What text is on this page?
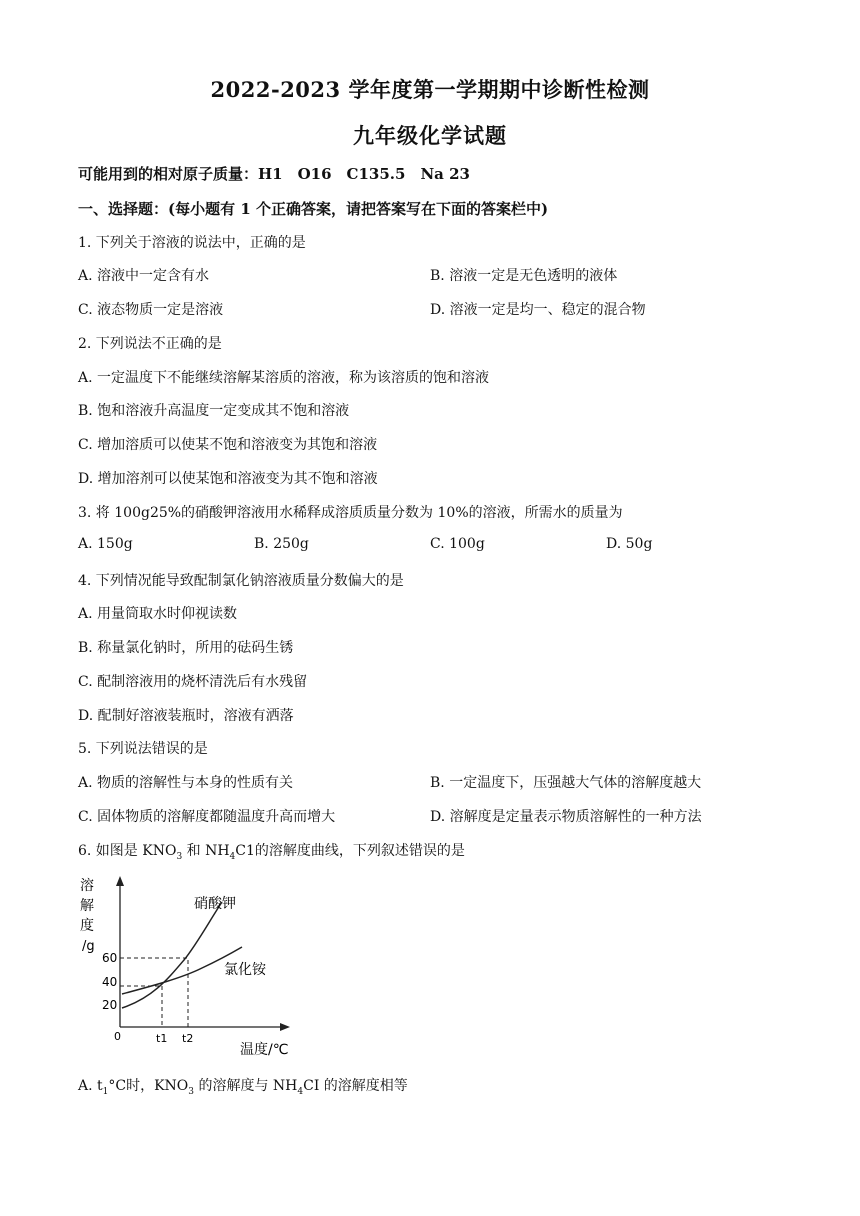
2022-2023 学年度第一学期期中诊断性检测
九年级化学试题
可能用到的相对原子质量：H1　O16　C135.5　Na 23
一、选择题：(每小题有 1 个正确答案，请把答案写在下面的答案栏中)
1. 下列关于溶液的说法中，正确的是
A. 溶液中一定含有水	B. 溶液一定是无色透明的液体
C. 液态物质一定是溶液	D. 溶液一定是均一、稳定的混合物
2. 下列说法不正确的是
A. 一定温度下不能继续溶解某溶质的溶液，称为该溶质的饱和溶液
B. 饱和溶液升高温度一定变成其不饱和溶液
C. 增加溶质可以使某不饱和溶液变为其饱和溶液
D. 增加溶剂可以使某饱和溶液变为其不饱和溶液
3. 将 100g25%的硝酸钾溶液用水稀释成溶质质量分数为 10%的溶液，所需水的质量为
A. 150g	B. 250g	C. 100g	D. 50g
4. 下列情况能导致配制氯化钠溶液质量分数偏大的是
A. 用量筒取水时仰视读数
B. 称量氯化钠时，所用的砝码生锈
C. 配制溶液用的烧杯清洗后有水残留
D. 配制好溶液装瓶时，溶液有洒落
5. 下列说法错误的是
A. 物质的溶解性与本身的性质有关	B. 一定温度下，压强越大气体的溶解度越大
C. 固体物质的溶解度都随温度升高而增大	D. 溶解度是定量表示物质溶解性的一种方法
6. 如图是 $KNO_3$ 和 $NH_4C1$的溶解度曲线，下列叙述错误的是
溶
解
度
/g
60
40
20
0	t1 t2
温度/℃
硝酸钾
氯化铵
A. $t_1^\circ C$时，$KNO_3$ 的溶解度与 $NH_4CI$ 的溶解度相等
